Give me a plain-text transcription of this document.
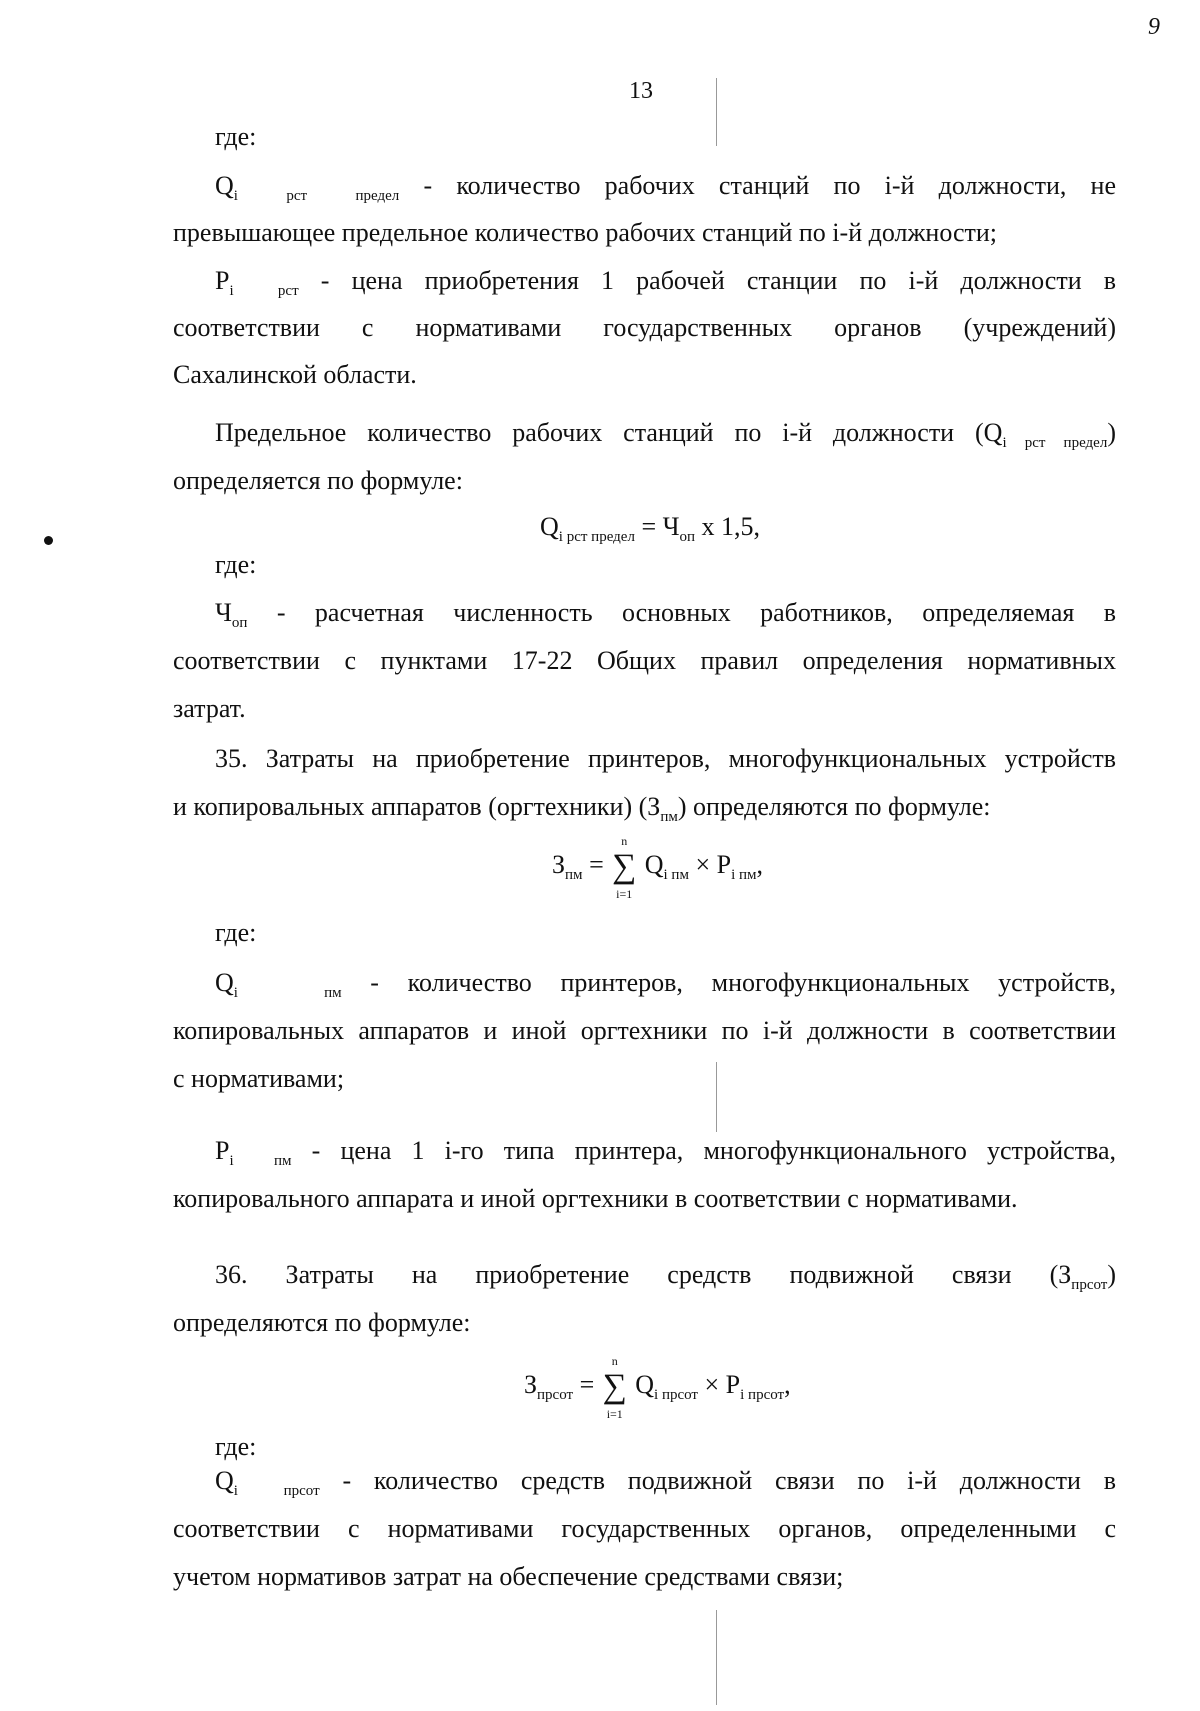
9
13

где:

$Q_i$	$_{рст}$	$_{предел}$ - количество рабочих станций по i-й должности, не

превышающее предельное количество рабочих станций по i-й должности;

$P_i$	$_{рст}$ - цена приобретения 1 рабочей станции по i-й должности в

соответствии с нормативами государственных органов (учреждений)

Сахалинской области.

Предельное количество рабочих станций по i-й должности $(Q_{i рст предел})$

определяется по формуле:

$Q_{i рст предел} = Ч_{оп}$ x 1,5,

где:

$Ч_{оп}$ - расчетная численность основных работников, определяемая в

соответствии с пунктами 17-22 Общих правил определения нормативных

затрат.

35. Затраты на приобретение принтеров, многофункциональных устройств

и копировальных аппаратов (оргтехники) $(З_{пм})$ определяются по формуле:

$З_{пм}$ =
n
∑
i=1
$Q_{i пм} \times P_{i пм}$,

где:

$Q_i$	$_{пм}$ - количество принтеров, многофункциональных устройств,

копировальных аппаратов и иной оргтехники по i-й должности в соответствии

с нормативами;

$P_i$	$_{пм}$ - цена 1 i-го типа принтера, многофункционального устройства,

копировального аппарата и иной оргтехники в соответствии с нормативами.

36. Затраты на приобретение средств подвижной связи $(З_{прсот})$

определяются по формуле:

$З_{прсот}$ =
n
∑
i=1
$Q_{i прсот} \times P_{i прсот}$,

где:

$Q_i$	$_{прсот}$ - количество средств подвижной связи по i-й должности в

соответствии с нормативами государственных органов, определенными с

учетом нормативов затрат на обеспечение средствами связи;
